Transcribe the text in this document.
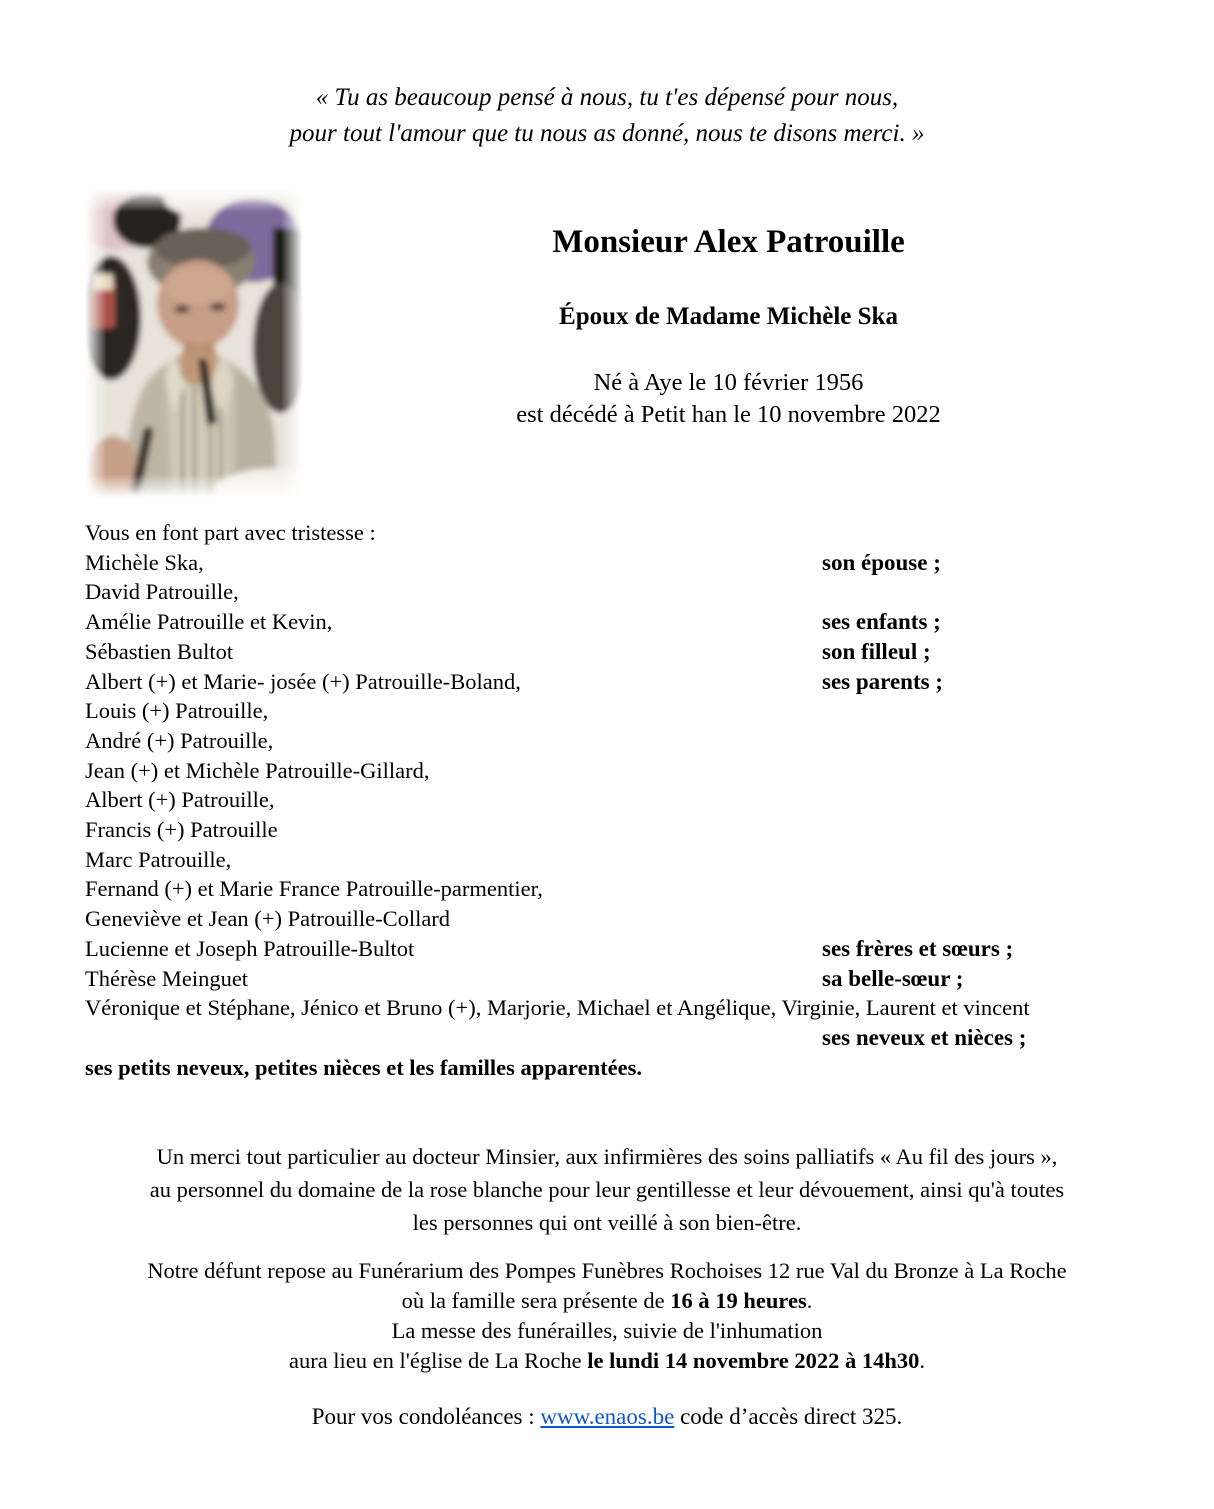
« Tu as beaucoup pensé à nous, tu t'es dépensé pour nous,
pour tout l'amour que tu nous as donné, nous te disons merci. »
Monsieur Alex Patrouille
Époux de Madame Michèle Ska
Né à Aye le 10 février 1956
est décédé à Petit han le 10 novembre 2022
Vous en font part avec tristesse :
Michèle Ska,	son épouse ;
David Patrouille,
Amélie Patrouille et Kevin,	ses enfants ;
Sébastien Bultot	son filleul ;
Albert (+) et Marie- josée (+) Patrouille-Boland,	ses parents ;
Louis (+) Patrouille,
André (+) Patrouille,
Jean (+) et Michèle Patrouille-Gillard,
Albert (+) Patrouille,
Francis (+) Patrouille
Marc Patrouille,
Fernand (+) et Marie France Patrouille-parmentier,
Geneviève et Jean (+) Patrouille-Collard
Lucienne et Joseph Patrouille-Bultot	ses frères et sœurs ;
Thérèse Meinguet	sa belle-sœur ;
Véronique et Stéphane, Jénico et Bruno (+), Marjorie, Michael et Angélique, Virginie, Laurent et vincent
ses neveux et nièces ;
ses petits neveux, petites nièces et les familles apparentées.
Un merci tout particulier au docteur Minsier, aux infirmières des soins palliatifs « Au fil des jours »,
au personnel du domaine de la rose blanche pour leur gentillesse et leur dévouement, ainsi qu'à toutes
les personnes qui ont veillé à son bien-être.
Notre défunt repose au Funérarium des Pompes Funèbres Rochoises 12 rue Val du Bronze à La Roche
où la famille sera présente de 16 à 19 heures.
La messe des funérailles, suivie de l'inhumation
aura lieu en l'église de La Roche le lundi 14 novembre 2022 à 14h30.
Pour vos condoléances : www.enaos.be code d’accès direct 325.
